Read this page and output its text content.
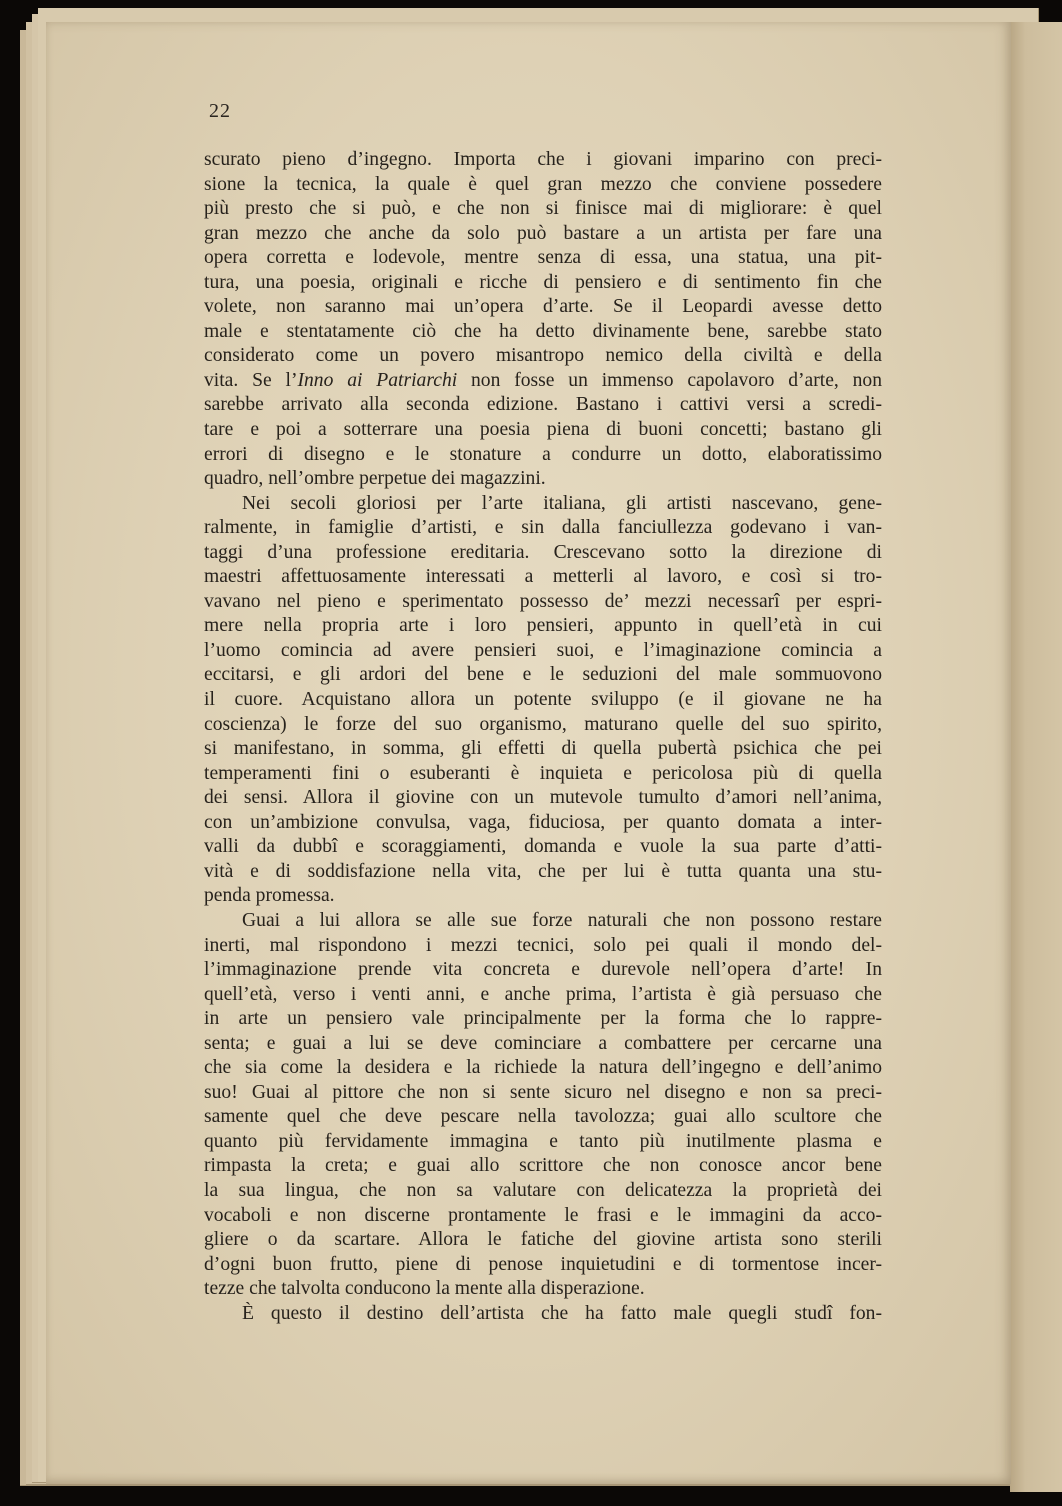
22
scurato pieno d’ingegno. Importa che i giovani imparino con preci-
sione la tecnica, la quale è quel gran mezzo che conviene possedere
più presto che si può, e che non si finisce mai di migliorare: è quel
gran mezzo che anche da solo può bastare a un artista per fare una
opera corretta e lodevole, mentre senza di essa, una statua, una pit-
tura, una poesia, originali e ricche di pensiero e di sentimento fin che
volete, non saranno mai un’opera d’arte. Se il Leopardi avesse detto
male e stentatamente ciò che ha detto divinamente bene, sarebbe stato
considerato come un povero misantropo nemico della civiltà e della
vita. Se l’Inno ai Patriarchi non fosse un immenso capolavoro d’arte, non
sarebbe arrivato alla seconda edizione. Bastano i cattivi versi a scredi-
tare e poi a sotterrare una poesia piena di buoni concetti; bastano gli
errori di disegno e le stonature a condurre un dotto, elaboratissimo
quadro, nell’ombre perpetue dei magazzini.
Nei secoli gloriosi per l’arte italiana, gli artisti nascevano, gene-
ralmente, in famiglie d’artisti, e sin dalla fanciullezza godevano i van-
taggi d’una professione ereditaria. Crescevano sotto la direzione di
maestri affettuosamente interessati a metterli al lavoro, e così si tro-
vavano nel pieno e sperimentato possesso de’ mezzi necessarî per espri-
mere nella propria arte i loro pensieri, appunto in quell’età in cui
l’uomo comincia ad avere pensieri suoi, e l’imaginazione comincia a
eccitarsi, e gli ardori del bene e le seduzioni del male sommuovono
il cuore. Acquistano allora un potente sviluppo (e il giovane ne ha
coscienza) le forze del suo organismo, maturano quelle del suo spirito,
si manifestano, in somma, gli effetti di quella pubertà psichica che pei
temperamenti fini o esuberanti è inquieta e pericolosa più di quella
dei sensi. Allora il giovine con un mutevole tumulto d’amori nell’anima,
con un’ambizione convulsa, vaga, fiduciosa, per quanto domata a inter-
valli da dubbî e scoraggiamenti, domanda e vuole la sua parte d’atti-
vità e di soddisfazione nella vita, che per lui è tutta quanta una stu-
penda promessa.
Guai a lui allora se alle sue forze naturali che non possono restare
inerti, mal rispondono i mezzi tecnici, solo pei quali il mondo del-
l’immaginazione prende vita concreta e durevole nell’opera d’arte! In
quell’età, verso i venti anni, e anche prima, l’artista è già persuaso che
in arte un pensiero vale principalmente per la forma che lo rappre-
senta; e guai a lui se deve cominciare a combattere per cercarne una
che sia come la desidera e la richiede la natura dell’ingegno e dell’animo
suo! Guai al pittore che non si sente sicuro nel disegno e non sa preci-
samente quel che deve pescare nella tavolozza; guai allo scultore che
quanto più fervidamente immagina e tanto più inutilmente plasma e
rimpasta la creta; e guai allo scrittore che non conosce ancor bene
la sua lingua, che non sa valutare con delicatezza la proprietà dei
vocaboli e non discerne prontamente le frasi e le immagini da acco-
gliere o da scartare. Allora le fatiche del giovine artista sono sterili
d’ogni buon frutto, piene di penose inquietudini e di tormentose incer-
tezze che talvolta conducono la mente alla disperazione.
È questo il destino dell’artista che ha fatto male quegli studî fon-
